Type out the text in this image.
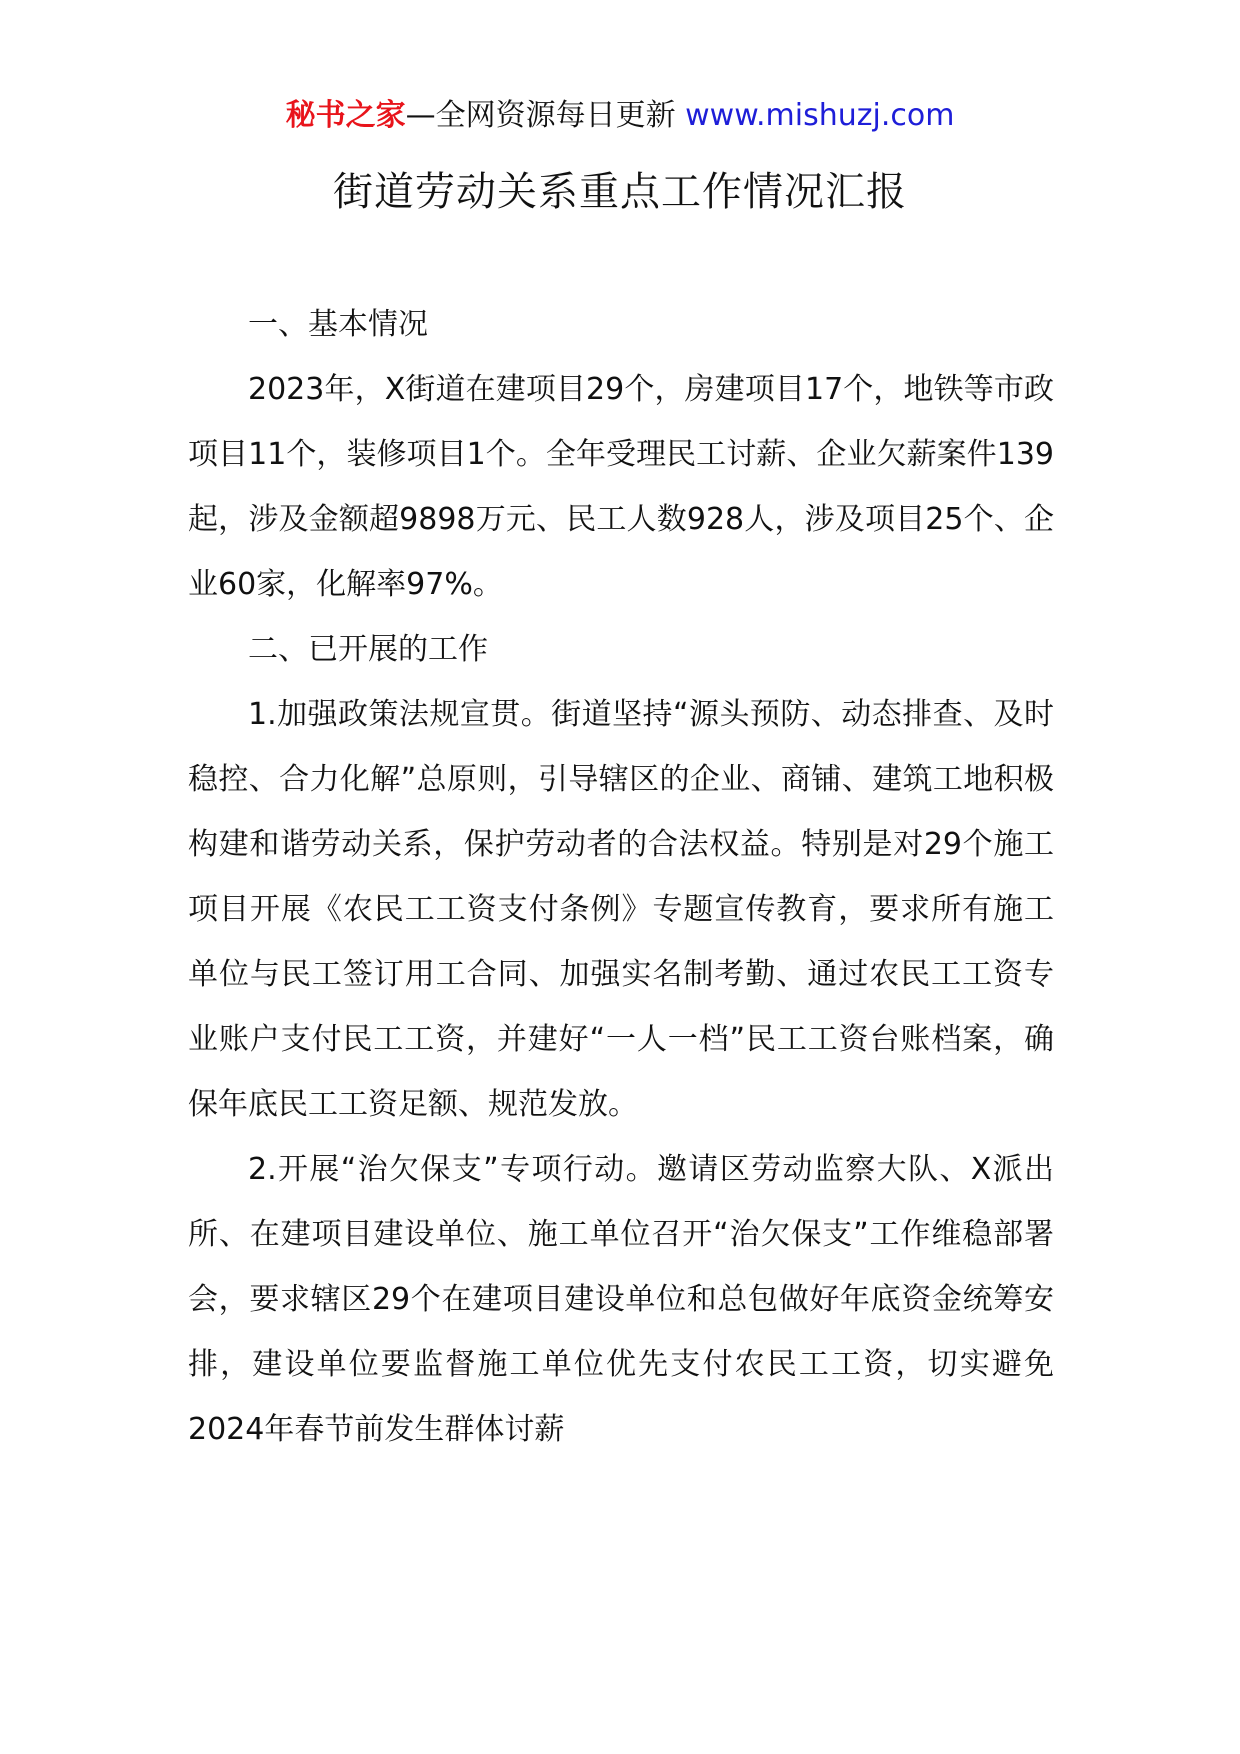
秘书之家—全网资源每日更新 www.mishuzj.com
街道劳动关系重点工作情况汇报

一、基本情况

2023年，X街道在建项目29个，房建项目17个，地铁等市政项目11个，装修项目1个。全年受理民工讨薪、企业欠薪案件139起，涉及金额超9898万元、民工人数928人，涉及项目25个、企业60家，化解率97%。

二、已开展的工作

1.加强政策法规宣贯。街道坚持“源头预防、动态排查、及时稳控、合力化解”总原则，引导辖区的企业、商铺、建筑工地积极构建和谐劳动关系，保护劳动者的合法权益。特别是对29个施工项目开展《农民工工资支付条例》专题宣传教育，要求所有施工单位与民工签订用工合同、加强实名制考勤、通过农民工工资专业账户支付民工工资，并建好“一人一档”民工工资台账档案，确保年底民工工资足额、规范发放。

2.开展“治欠保支”专项行动。邀请区劳动监察大队、X派出所、在建项目建设单位、施工单位召开“治欠保支”工作维稳部署会，要求辖区29个在建项目建设单位和总包做好年底资金统筹安排，建设单位要监督施工单位优先支付农民工工资，切实避免2024年春节前发生群体讨薪
